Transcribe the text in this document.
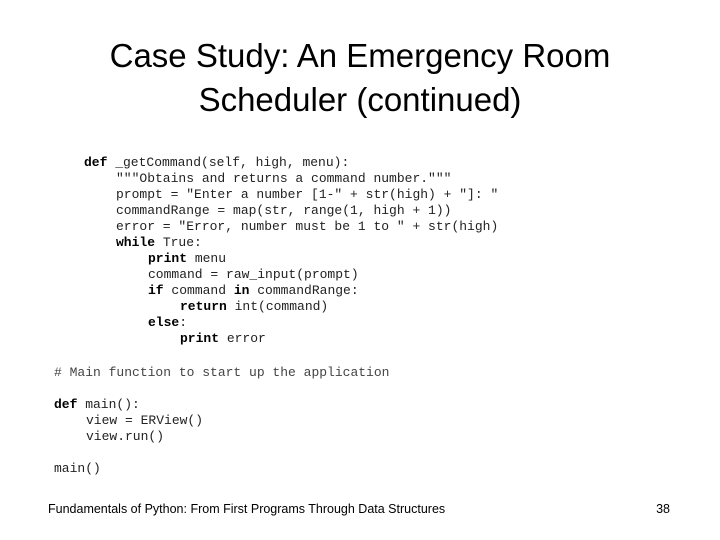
Case Study: An Emergency Room
Scheduler (continued)
def _getCommand(self, high, menu):
"""Obtains and returns a command number."""
prompt = "Enter a number [1-" + str(high) + "]: "
commandRange = map(str, range(1, high + 1))
error = "Error, number must be 1 to " + str(high)
while True:
print menu
command = raw_input(prompt)
if command in commandRange:
return int(command)
else:
print error
# Main function to start up the application
def main():
view = ERView()
view.run()
main()
Fundamentals of Python: From First Programs Through Data Structures	38
